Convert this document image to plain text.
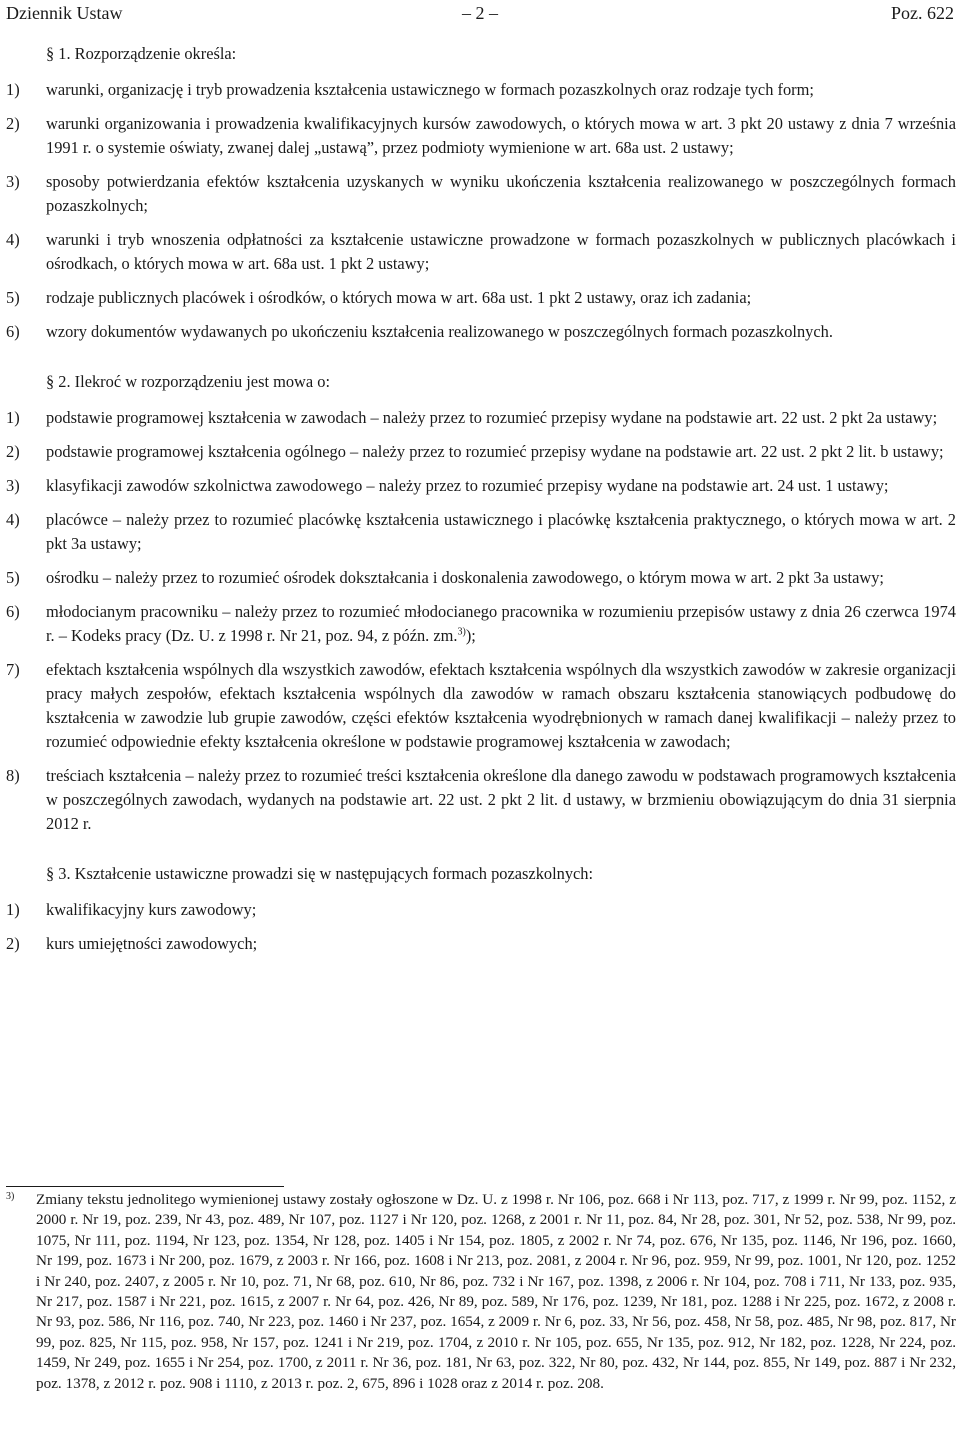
Dziennik Ustaw	– 2 –	Poz. 622

§ 1. Rozporządzenie określa:

1) warunki, organizację i tryb prowadzenia kształcenia ustawicznego w formach pozaszkolnych oraz rodzaje tych form;
2) warunki organizowania i prowadzenia kwalifikacyjnych kursów zawodowych, o których mowa w art. 3 pkt 20 ustawy z dnia 7 września 1991 r. o systemie oświaty, zwanej dalej „ustawą”, przez podmioty wymienione w art. 68a ust. 2 ustawy;
3) sposoby potwierdzania efektów kształcenia uzyskanych w wyniku ukończenia kształcenia realizowanego w poszczególnych formach pozaszkolnych;
4) warunki i tryb wnoszenia odpłatności za kształcenie ustawiczne prowadzone w formach pozaszkolnych w publicznych placówkach i ośrodkach, o których mowa w art. 68a ust. 1 pkt 2 ustawy;
5) rodzaje publicznych placówek i ośrodków, o których mowa w art. 68a ust. 1 pkt 2 ustawy, oraz ich zadania;
6) wzory dokumentów wydawanych po ukończeniu kształcenia realizowanego w poszczególnych formach pozaszkolnych.

§ 2. Ilekroć w rozporządzeniu jest mowa o:

1) podstawie programowej kształcenia w zawodach – należy przez to rozumieć przepisy wydane na podstawie art. 22 ust. 2 pkt 2a ustawy;
2) podstawie programowej kształcenia ogólnego – należy przez to rozumieć przepisy wydane na podstawie art. 22 ust. 2 pkt 2 lit. b ustawy;
3) klasyfikacji zawodów szkolnictwa zawodowego – należy przez to rozumieć przepisy wydane na podstawie art. 24 ust. 1 ustawy;
4) placówce – należy przez to rozumieć placówkę kształcenia ustawicznego i placówkę kształcenia praktycznego, o których mowa w art. 2 pkt 3a ustawy;
5) ośrodku – należy przez to rozumieć ośrodek dokształcania i doskonalenia zawodowego, o którym mowa w art. 2 pkt 3a ustawy;
6) młodocianym pracowniku – należy przez to rozumieć młodocianego pracownika w rozumieniu przepisów ustawy z dnia 26 czerwca 1974 r. – Kodeks pracy (Dz. U. z 1998 r. Nr 21, poz. 94, z późn. zm.$^{3)}$);
7) efektach kształcenia wspólnych dla wszystkich zawodów, efektach kształcenia wspólnych dla wszystkich zawodów w zakresie organizacji pracy małych zespołów, efektach kształcenia wspólnych dla zawodów w ramach obszaru kształcenia stanowiących podbudowę do kształcenia w zawodzie lub grupie zawodów, części efektów kształcenia wyodrębnionych w ramach danej kwalifikacji – należy przez to rozumieć odpowiednie efekty kształcenia określone w podstawie programowej kształcenia w zawodach;
8) treściach kształcenia – należy przez to rozumieć treści kształcenia określone dla danego zawodu w podstawach programowych kształcenia w poszczególnych zawodach, wydanych na podstawie art. 22 ust. 2 pkt 2 lit. d ustawy, w brzmieniu obowiązującym do dnia 31 sierpnia 2012 r.

§ 3. Kształcenie ustawiczne prowadzi się w następujących formach pozaszkolnych:

1) kwalifikacyjny kurs zawodowy;
2) kurs umiejętności zawodowych;
3)	Zmiany tekstu jednolitego wymienionej ustawy zostały ogłoszone w Dz. U. z 1998 r. Nr 106, poz. 668 i Nr 113, poz. 717, z 1999 r. Nr 99, poz. 1152, z 2000 r. Nr 19, poz. 239, Nr 43, poz. 489, Nr 107, poz. 1127 i Nr 120, poz. 1268, z 2001 r. Nr 11, poz. 84, Nr 28, poz. 301, Nr 52, poz. 538, Nr 99, poz. 1075, Nr 111, poz. 1194, Nr 123, poz. 1354, Nr 128, poz. 1405 i Nr 154, poz. 1805, z 2002 r. Nr 74, poz. 676, Nr 135, poz. 1146, Nr 196, poz. 1660, Nr 199, poz. 1673 i Nr 200, poz. 1679, z 2003 r. Nr 166, poz. 1608 i Nr 213, poz. 2081, z 2004 r. Nr 96, poz. 959, Nr 99, poz. 1001, Nr 120, poz. 1252 i Nr 240, poz. 2407, z 2005 r. Nr 10, poz. 71, Nr 68, poz. 610, Nr 86, poz. 732 i Nr 167, poz. 1398, z 2006 r. Nr 104, poz. 708 i 711, Nr 133, poz. 935, Nr 217, poz. 1587 i Nr 221, poz. 1615, z 2007 r. Nr 64, poz. 426, Nr 89, poz. 589, Nr 176, poz. 1239, Nr 181, poz. 1288 i Nr 225, poz. 1672, z 2008 r. Nr 93, poz. 586, Nr 116, poz. 740, Nr 223, poz. 1460 i Nr 237, poz. 1654, z 2009 r. Nr 6, poz. 33, Nr 56, poz. 458, Nr 58, poz. 485, Nr 98, poz. 817, Nr 99, poz. 825, Nr 115, poz. 958, Nr 157, poz. 1241 i Nr 219, poz. 1704, z 2010 r. Nr 105, poz. 655, Nr 135, poz. 912, Nr 182, poz. 1228, Nr 224, poz. 1459, Nr 249, poz. 1655 i Nr 254, poz. 1700, z 2011 r. Nr 36, poz. 181, Nr 63, poz. 322, Nr 80, poz. 432, Nr 144, poz. 855, Nr 149, poz. 887 i Nr 232, poz. 1378, z 2012 r. poz. 908 i 1110, z 2013 r. poz. 2, 675, 896 i 1028 oraz z 2014 r. poz. 208.
